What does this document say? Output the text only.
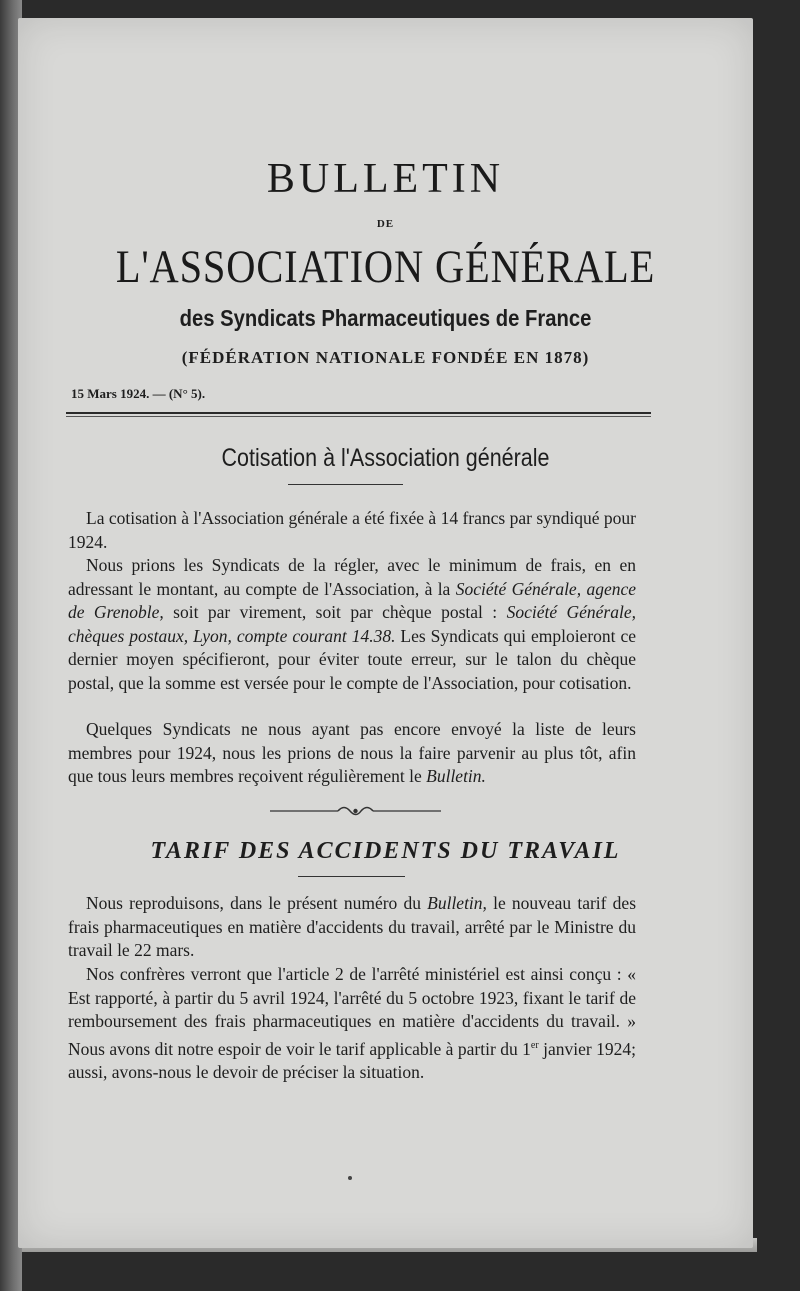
BULLETIN
DE
L'ASSOCIATION GÉNÉRALE
des Syndicats Pharmaceutiques de France
(FÉDÉRATION NATIONALE FONDÉE EN 1878)
15 Mars 1924. — (N° 5).
Cotisation à l'Association générale

La cotisation à l'Association générale a été fixée à 14 francs par syndiqué pour 1924.

Nous prions les Syndicats de la régler, avec le minimum de frais, en en adressant le montant, au compte de l'Association, à la Société Générale, agence de Grenoble, soit par virement, soit par chèque postal : Société Générale, chèques postaux, Lyon, compte courant 14.38. Les Syndicats qui emploieront ce dernier moyen spécifieront, pour éviter toute erreur, sur le talon du chèque postal, que la somme est versée pour le compte de l'Association, pour cotisation.

Quelques Syndicats ne nous ayant pas encore envoyé la liste de leurs membres pour 1924, nous les prions de nous la faire parvenir au plus tôt, afin que tous leurs membres reçoivent régulièrement le Bulletin.

TARIF DES ACCIDENTS DU TRAVAIL

Nous reproduisons, dans le présent numéro du Bulletin, le nouveau tarif des frais pharmaceutiques en matière d'accidents du travail, arrêté par le Ministre du travail le 22 mars.

Nos confrères verront que l'article 2 de l'arrêté ministériel est ainsi conçu : « Est rapporté, à partir du 5 avril 1924, l'arrêté du 5 octobre 1923, fixant le tarif de remboursement des frais pharmaceutiques en matière d'accidents du travail. » Nous avons dit notre espoir de voir le tarif applicable à partir du 1er janvier 1924; aussi, avons-nous le devoir de préciser la situation.
